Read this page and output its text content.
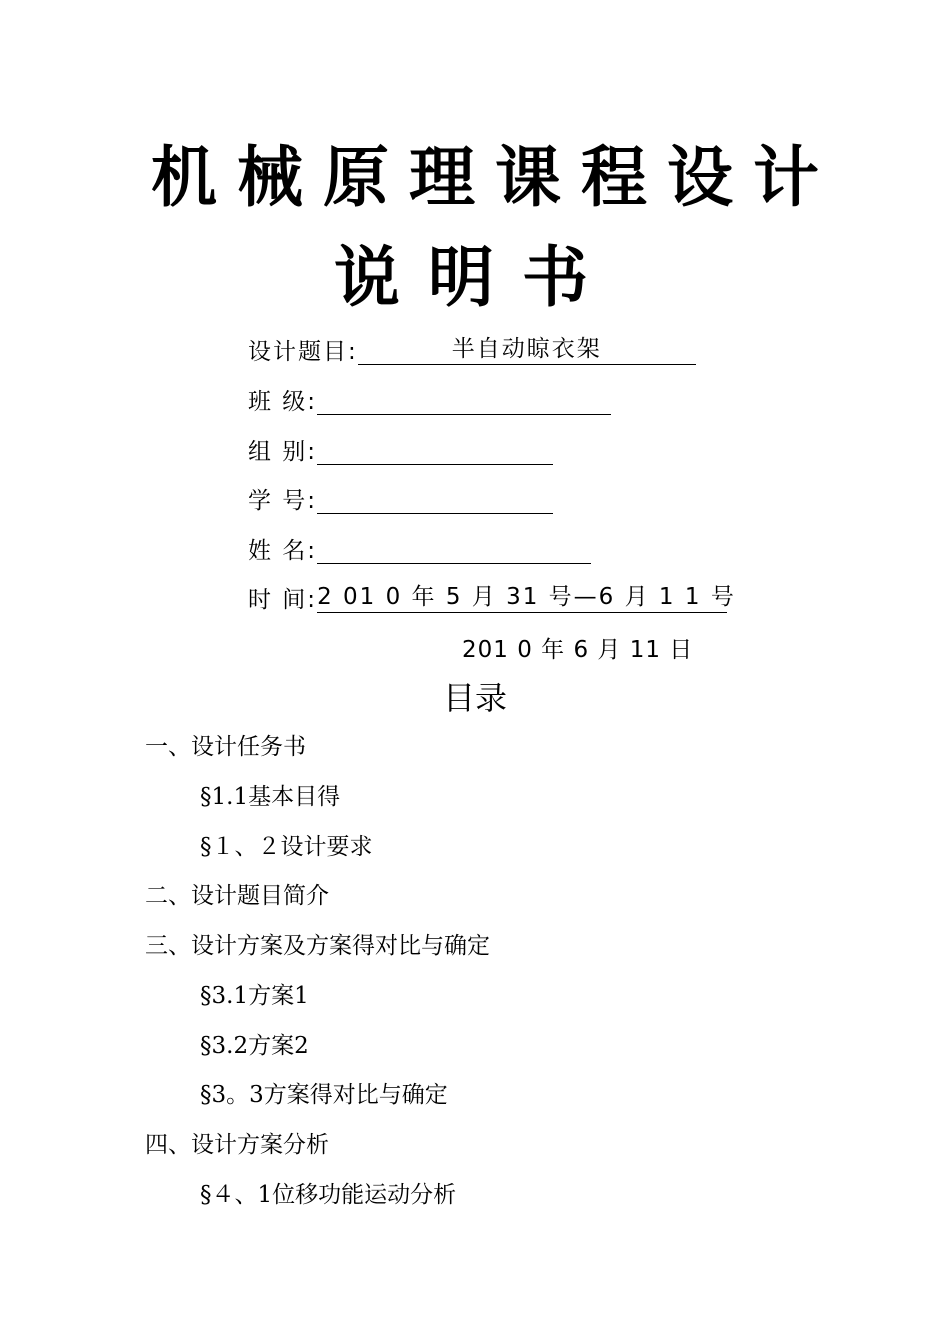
机械原理课程设计
说明书
设计题目:	半自动晾衣架
班 级:
组 别:
学 号:
姓 名:
时 间:2 01 0 年 5 月 31 号—6 月 1 1 号
201 0 年 6 月 11 日
目录
一、设计任务书
§1.1基本目得
§１、２设计要求
二、设计题目简介
三、设计方案及方案得对比与确定
§3.1方案1
§3.2方案2
§3。3方案得对比与确定
四、设计方案分析
§４、1位移功能运动分析
